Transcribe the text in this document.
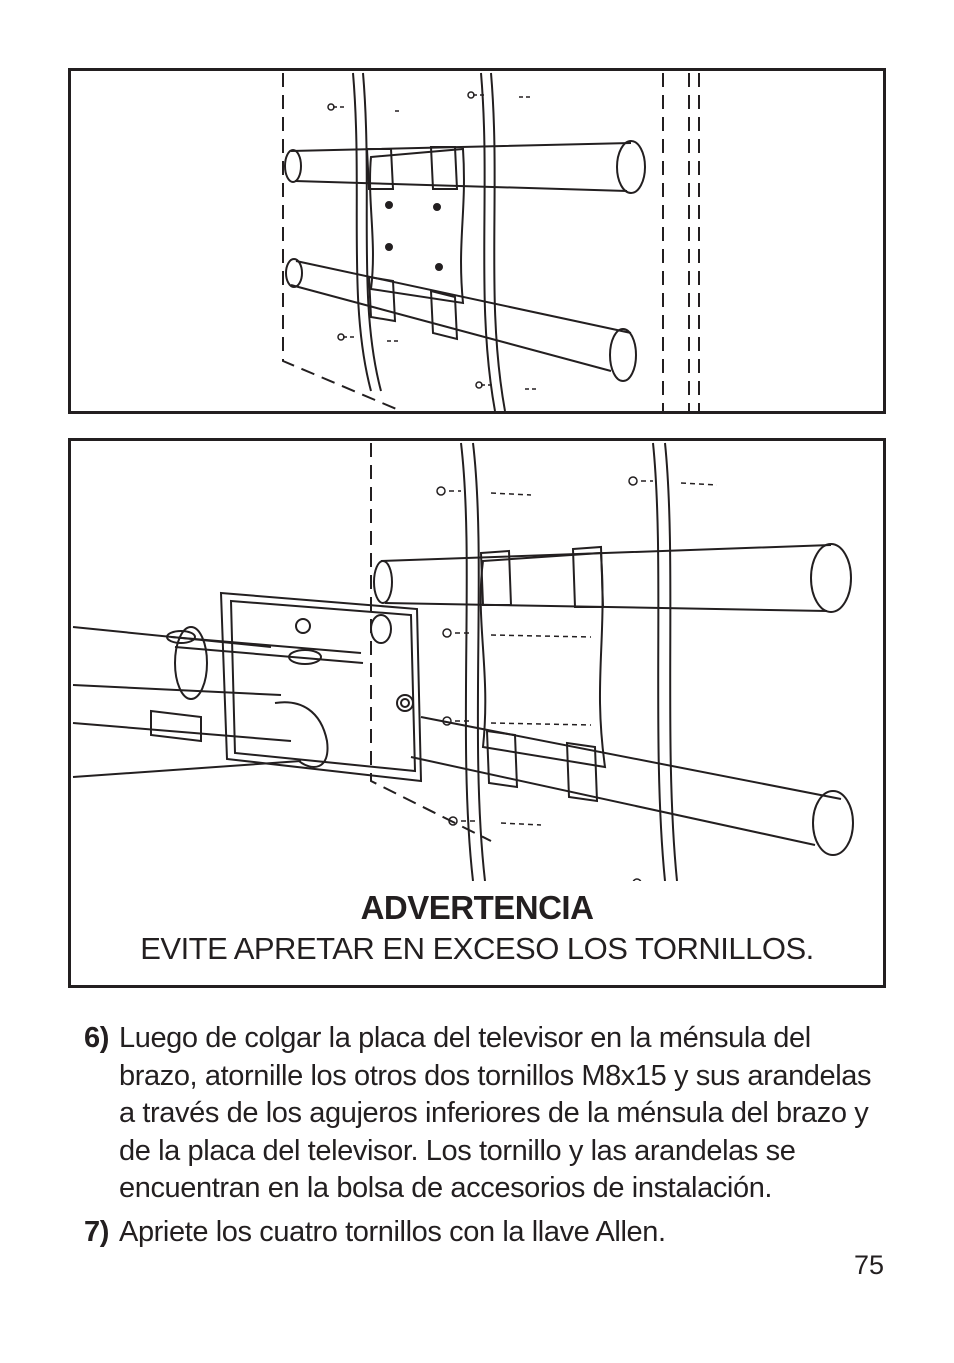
ADVERTENCIA
EVITE APRETAR EN EXCESO LOS TORNILLOS.
6) Luego de colgar la placa del televisor en la ménsula del brazo, atornille los otros dos tornillos M8x15 y sus arandelas a través de los agujeros inferiores de la ménsula del brazo y de la placa del televisor. Los tornillo y las arandelas se encuentran en la bolsa de accesorios de instalación.
7) Apriete los cuatro tornillos con la llave Allen.
75
